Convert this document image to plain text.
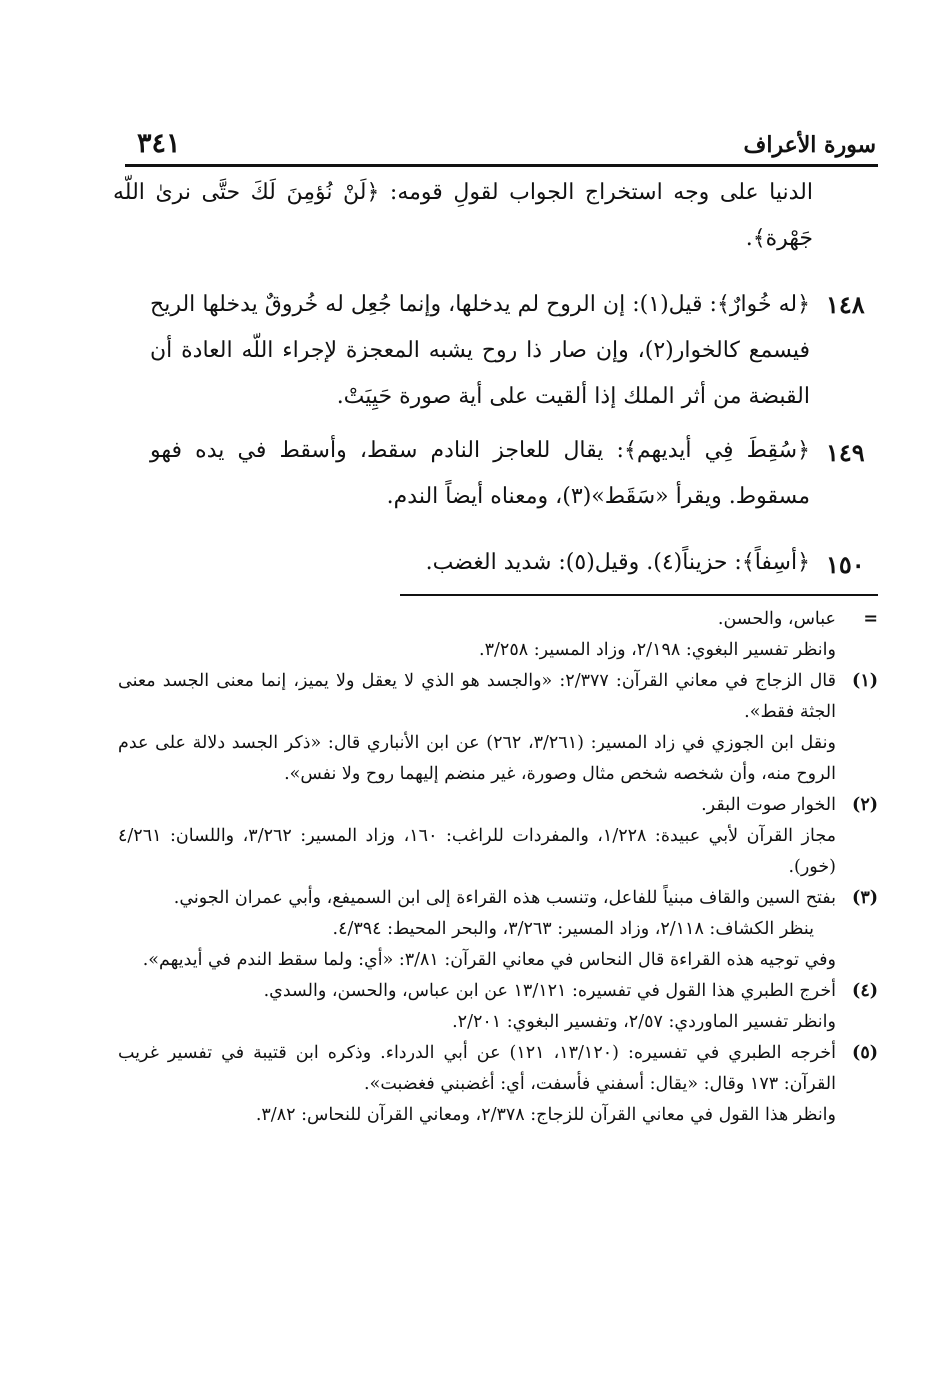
٣٤١	سورة الأعراف
الدنيا على وجه استخراج الجواب لقولِ قومه: ﴿لَنْ نُؤمِنَ لَكَ حتَّى نرىٰ اللّه جَهْرة﴾.
١٤٨
﴿له خُوارٌ﴾: قيل(١): إن الروح لم يدخلها، وإنما جُعِل له خُروقٌ يدخلها الريح فيسمع كالخوار(٢)، وإن صار ذا روح يشبه المعجزة لإجراء اللّه العادة أن القبضة من أثر الملك إذا ألقيت على أية صورة حَيِيَتْ.
١٤٩
﴿سُقِطَ فِي أيديهم﴾: يقال للعاجز النادم سقط، وأسقط في يده فهو مسقوط. ويقرأ «سَقَط»(٣)، ومعناه أيضاً الندم.
١٥٠
﴿أسِفاً﴾: حزيناً(٤). وقيل(٥): شديد الغضب.
=
عباس، والحسن.
وانظر تفسير البغوي: ٢/١٩٨، وزاد المسير: ٣/٢٥٨.
(١)
قال الزجاج في معاني القرآن: ٢/٣٧٧: «والجسد هو الذي لا يعقل ولا يميز، إنما معنى الجسد معنى الجثة فقط».
ونقل ابن الجوزي في زاد المسير: (٣/٢٦١، ٢٦٢) عن ابن الأنباري قال: «ذكر الجسد دلالة على عدم الروح منه، وأن شخصه شخص مثال وصورة، غير منضم إليهما روح ولا نفس».
(٢)
الخوار صوت البقر.
مجاز القرآن لأبي عبيدة: ١/٢٢٨، والمفردات للراغب: ١٦٠، وزاد المسير: ٣/٢٦٢، واللسان: ٤/٢٦١ (خور).
(٣)
بفتح السين والقاف مبنياً للفاعل، وتنسب هذه القراءة إلى ابن السميفع، وأبي عمران الجوني.
ينظر الكشاف: ٢/١١٨، وزاد المسير: ٣/٢٦٣، والبحر المحيط: ٤/٣٩٤.
وفي توجيه هذه القراءة قال النحاس في معاني القرآن: ٣/٨١: «أي: ولما سقط الندم في أيديهم».
(٤)
أخرج الطبري هذا القول في تفسيره: ١٣/١٢١ عن ابن عباس، والحسن، والسدي.
وانظر تفسير الماوردي: ٢/٥٧، وتفسير البغوي: ٢/٢٠١.
(٥)
أخرجه الطبري في تفسيره: (١٣/١٢٠، ١٢١) عن أبي الدرداء. وذكره ابن قتيبة في تفسير غريب القرآن: ١٧٣ وقال: «يقال: أسفني فأسفت، أي: أغضبني فغضبت».
وانظر هذا القول في معاني القرآن للزجاج: ٢/٣٧٨، ومعاني القرآن للنحاس: ٣/٨٢.
